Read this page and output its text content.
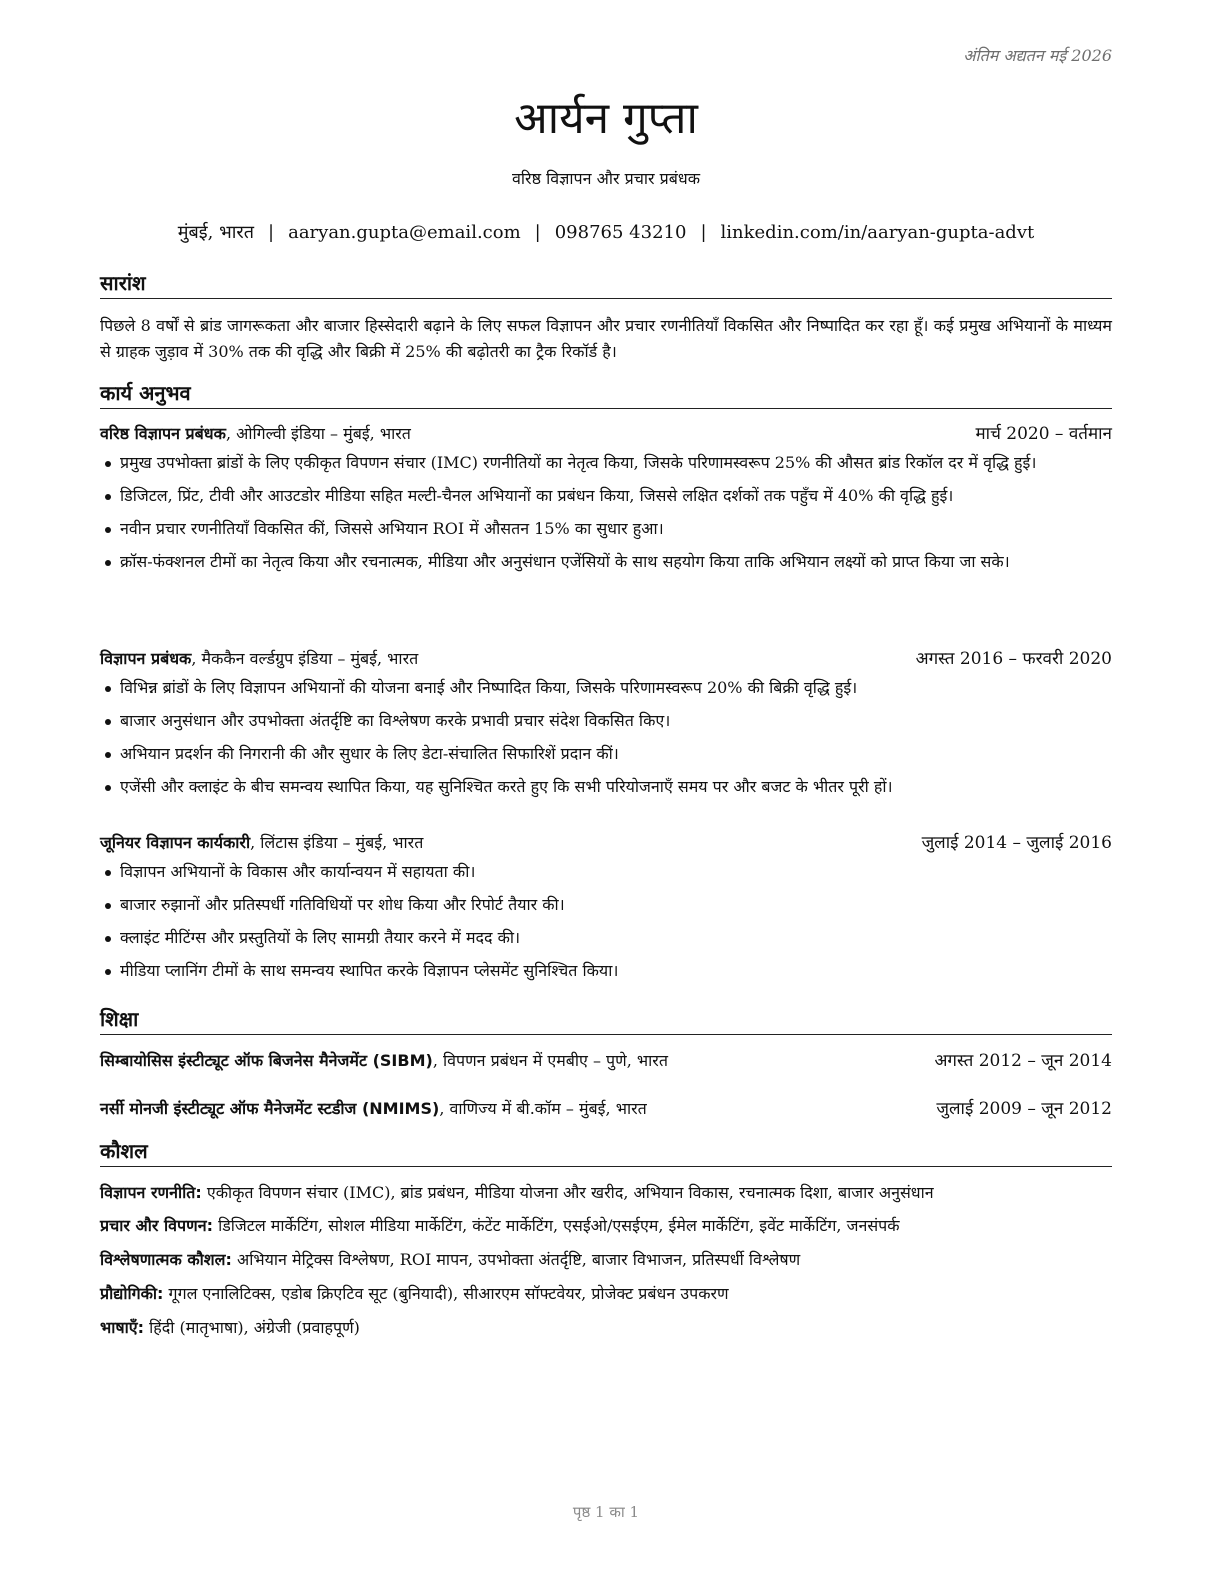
अंतिम अद्यतन मई 2026
आर्यन गुप्ता
वरिष्ठ विज्ञापन और प्रचार प्रबंधक
मुंबई, भारत | aaryan.gupta@email.com | 098765 43210 | linkedin.com/in/aaryan-gupta-advt
सारांश
पिछले 8 वर्षों से ब्रांड जागरूकता और बाजार हिस्सेदारी बढ़ाने के लिए सफल विज्ञापन और प्रचार रणनीतियाँ विकसित और निष्पादित कर रहा हूँ। कई प्रमुख अभियानों के माध्यम से ग्राहक जुड़ाव में 30% तक की वृद्धि और बिक्री में 25% की बढ़ोतरी का ट्रैक रिकॉर्ड है।
कार्य अनुभव
वरिष्ठ विज्ञापन प्रबंधक, ओगिल्वी इंडिया – मुंबई, भारत	मार्च 2020 – वर्तमान
प्रमुख उपभोक्ता ब्रांडों के लिए एकीकृत विपणन संचार (IMC) रणनीतियों का नेतृत्व किया, जिसके परिणामस्वरूप 25% की औसत ब्रांड रिकॉल दर में वृद्धि हुई।
डिजिटल, प्रिंट, टीवी और आउटडोर मीडिया सहित मल्टी-चैनल अभियानों का प्रबंधन किया, जिससे लक्षित दर्शकों तक पहुँच में 40% की वृद्धि हुई।
नवीन प्रचार रणनीतियाँ विकसित कीं, जिससे अभियान ROI में औसतन 15% का सुधार हुआ।
क्रॉस-फंक्शनल टीमों का नेतृत्व किया और रचनात्मक, मीडिया और अनुसंधान एजेंसियों के साथ सहयोग किया ताकि अभियान लक्ष्यों को प्राप्त किया जा सके।
विज्ञापन प्रबंधक, मैककैन वर्ल्डग्रुप इंडिया – मुंबई, भारत	अगस्त 2016 – फरवरी 2020
विभिन्न ब्रांडों के लिए विज्ञापन अभियानों की योजना बनाई और निष्पादित किया, जिसके परिणामस्वरूप 20% की बिक्री वृद्धि हुई।
बाजार अनुसंधान और उपभोक्ता अंतर्दृष्टि का विश्लेषण करके प्रभावी प्रचार संदेश विकसित किए।
अभियान प्रदर्शन की निगरानी की और सुधार के लिए डेटा-संचालित सिफारिशें प्रदान कीं।
एजेंसी और क्लाइंट के बीच समन्वय स्थापित किया, यह सुनिश्चित करते हुए कि सभी परियोजनाएँ समय पर और बजट के भीतर पूरी हों।
जूनियर विज्ञापन कार्यकारी, लिंटास इंडिया – मुंबई, भारत	जुलाई 2014 – जुलाई 2016
विज्ञापन अभियानों के विकास और कार्यान्वयन में सहायता की।
बाजार रुझानों और प्रतिस्पर्धी गतिविधियों पर शोध किया और रिपोर्ट तैयार की।
क्लाइंट मीटिंग्स और प्रस्तुतियों के लिए सामग्री तैयार करने में मदद की।
मीडिया प्लानिंग टीमों के साथ समन्वय स्थापित करके विज्ञापन प्लेसमेंट सुनिश्चित किया।
शिक्षा
सिम्बायोसिस इंस्टीट्यूट ऑफ बिजनेस मैनेजमेंट (SIBM), विपणन प्रबंधन में एमबीए – पुणे, भारत	अगस्त 2012 – जून 2014
नर्सी मोनजी इंस्टीट्यूट ऑफ मैनेजमेंट स्टडीज (NMIMS), वाणिज्य में बी.कॉम – मुंबई, भारत	जुलाई 2009 – जून 2012
कौशल
विज्ञापन रणनीति: एकीकृत विपणन संचार (IMC), ब्रांड प्रबंधन, मीडिया योजना और खरीद, अभियान विकास, रचनात्मक दिशा, बाजार अनुसंधान
प्रचार और विपणन: डिजिटल मार्केटिंग, सोशल मीडिया मार्केटिंग, कंटेंट मार्केटिंग, एसईओ/एसईएम, ईमेल मार्केटिंग, इवेंट मार्केटिंग, जनसंपर्क
विश्लेषणात्मक कौशल: अभियान मेट्रिक्स विश्लेषण, ROI मापन, उपभोक्ता अंतर्दृष्टि, बाजार विभाजन, प्रतिस्पर्धी विश्लेषण
प्रौद्योगिकी: गूगल एनालिटिक्स, एडोब क्रिएटिव सूट (बुनियादी), सीआरएम सॉफ्टवेयर, प्रोजेक्ट प्रबंधन उपकरण
भाषाएँ: हिंदी (मातृभाषा), अंग्रेजी (प्रवाहपूर्ण)
पृष्ठ 1 का 1
